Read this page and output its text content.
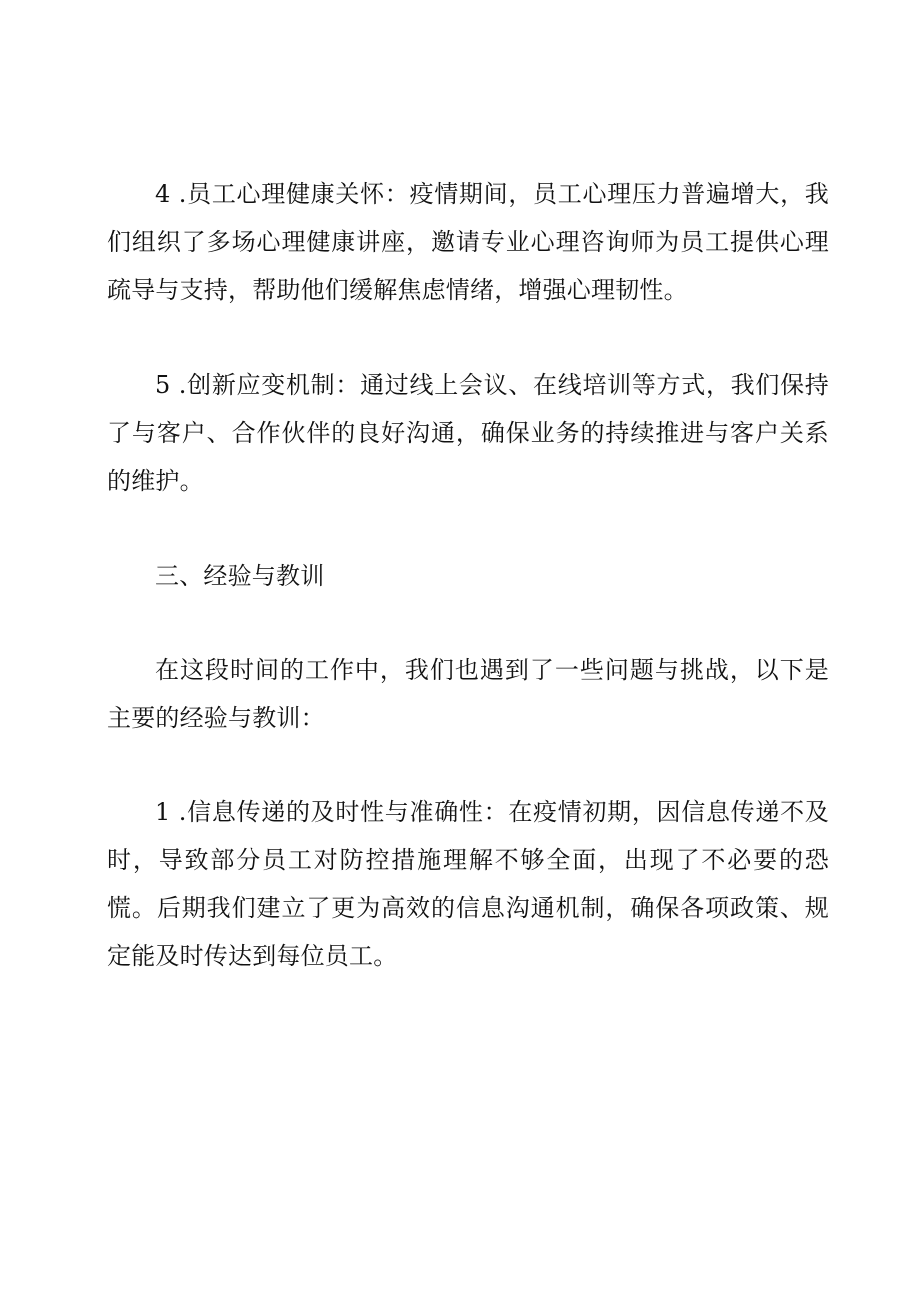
4 .员工心理健康关怀：疫情期间，员工心理压力普遍增大，我们组织了多场心理健康讲座，邀请专业心理咨询师为员工提供心理疏导与支持，帮助他们缓解焦虑情绪，增强心理韧性。

5 .创新应变机制：通过线上会议、在线培训等方式，我们保持了与客户、合作伙伴的良好沟通，确保业务的持续推进与客户关系的维护。

三、经验与教训

在这段时间的工作中，我们也遇到了一些问题与挑战，以下是主要的经验与教训：

1 .信息传递的及时性与准确性：在疫情初期，因信息传递不及时，导致部分员工对防控措施理解不够全面，出现了不必要的恐慌。后期我们建立了更为高效的信息沟通机制，确保各项政策、规定能及时传达到每位员工。
